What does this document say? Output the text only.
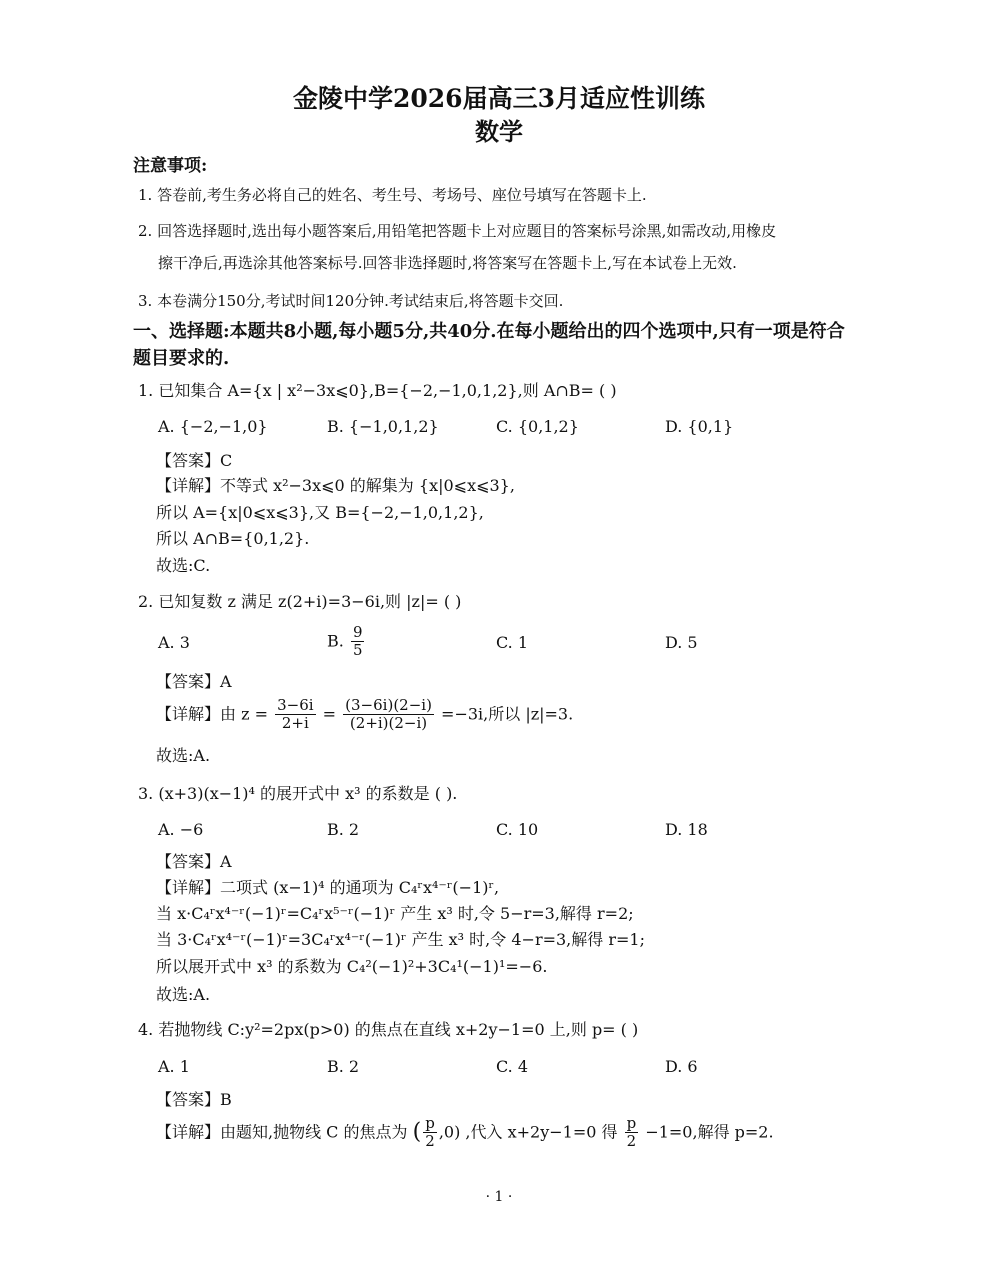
金陵中学2026届高三3月适应性训练
数学
注意事项:
1. 答卷前,考生务必将自己的姓名、考生号、考场号、座位号填写在答题卡上.
2. 回答选择题时,选出每小题答案后,用铅笔把答题卡上对应题目的答案标号涂黑,如需改动,用橡皮
擦干净后,再选涂其他答案标号.回答非选择题时,将答案写在答题卡上,写在本试卷上无效.
3. 本卷满分150分,考试时间120分钟.考试结束后,将答题卡交回.
一、选择题:本题共8小题,每小题5分,共40分.在每小题给出的四个选项中,只有一项是符合
题目要求的.
1. 已知集合 A={x | x²−3x⩽0},B={−2,−1,0,1,2},则 A∩B= ( )
A. {−2,−1,0}	B. {−1,0,1,2}	C. {0,1,2}	D. {0,1}
【答案】C
【详解】不等式 x²−3x⩽0 的解集为 {x|0⩽x⩽3},
所以 A={x|0⩽x⩽3},又 B={−2,−1,0,1,2},
所以 A∩B={0,1,2}.
故选:C.
2. 已知复数 z 满足 z(2+i)=3−6i,则 |z|= ( )
A. 3	B. $\frac{9}{5}$	C. 1	D. 5
【答案】A
【详解】由 $z = \frac{3-6i}{2+i} = \frac{(3-6i)(2-i)}{(2+i)(2-i)} =-3i$,所以 |z|=3.
故选:A.
3. (x+3)(x−1)⁴ 的展开式中 x³ 的系数是 ( ).
A. −6	B. 2	C. 10	D. 18
【答案】A
【详解】二项式 (x−1)⁴ 的通项为 C₄ʳx⁴⁻ʳ(−1)ʳ,
当 x·C₄ʳx⁴⁻ʳ(−1)ʳ=C₄ʳx⁵⁻ʳ(−1)ʳ 产生 x³ 时,令 5−r=3,解得 r=2;
当 3·C₄ʳx⁴⁻ʳ(−1)ʳ=3C₄ʳx⁴⁻ʳ(−1)ʳ 产生 x³ 时,令 4−r=3,解得 r=1;
所以展开式中 x³ 的系数为 C₄²(−1)²+3C₄¹(−1)¹=−6.
故选:A.
4. 若抛物线 C:y²=2px(p>0) 的焦点在直线 x+2y−1=0 上,则 p= ( )
A. 1	B. 2	C. 4	D. 6
【答案】B
【详解】由题知,抛物线 C 的焦点为 ( $\frac{p}{2} ,0$) ,代入 x+2y−1=0 得 $\frac{p}{2} -1=0$,解得 p=2.
· 1 ·
